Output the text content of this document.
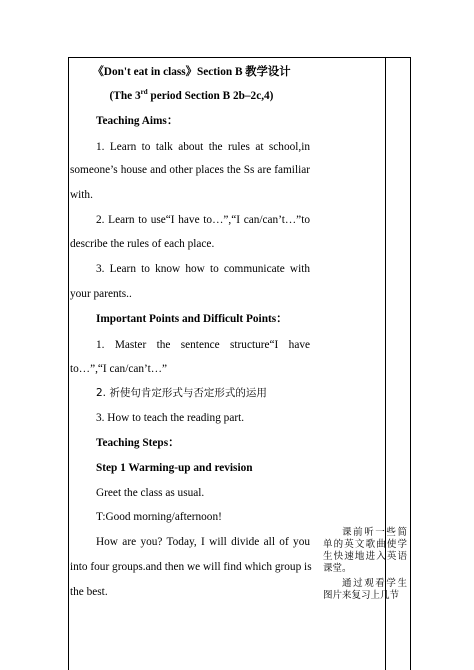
《Don't eat in class》Section B 教学设计
(The 3rd period Section B 2b–2c,4)
Teaching Aims：
1. Learn to talk about the rules at school,in
someone’s house and other places the Ss are familiar
with.
2. Learn to use“I have to…”,“I can/can’t…”to
describe the rules of each place.
3. Learn to know how to communicate with
your parents..
Important Points and Difficult Points：
1. Master the sentence structure“I have
to…”,“I can/can’t…”
2. 祈使句肯定形式与否定形式的运用
3. How to teach the reading part.
Teaching Steps：
Step 1 Warming-up and revision
Greet the class as usual.
T:Good morning/afternoon!
How are you? Today, I will divide all of you
into four groups.and then we will find which group is
the best.
课前听一些简单的英文歌曲使学生快速地进入英语课堂。
通过观看学生图片来复习上几节
